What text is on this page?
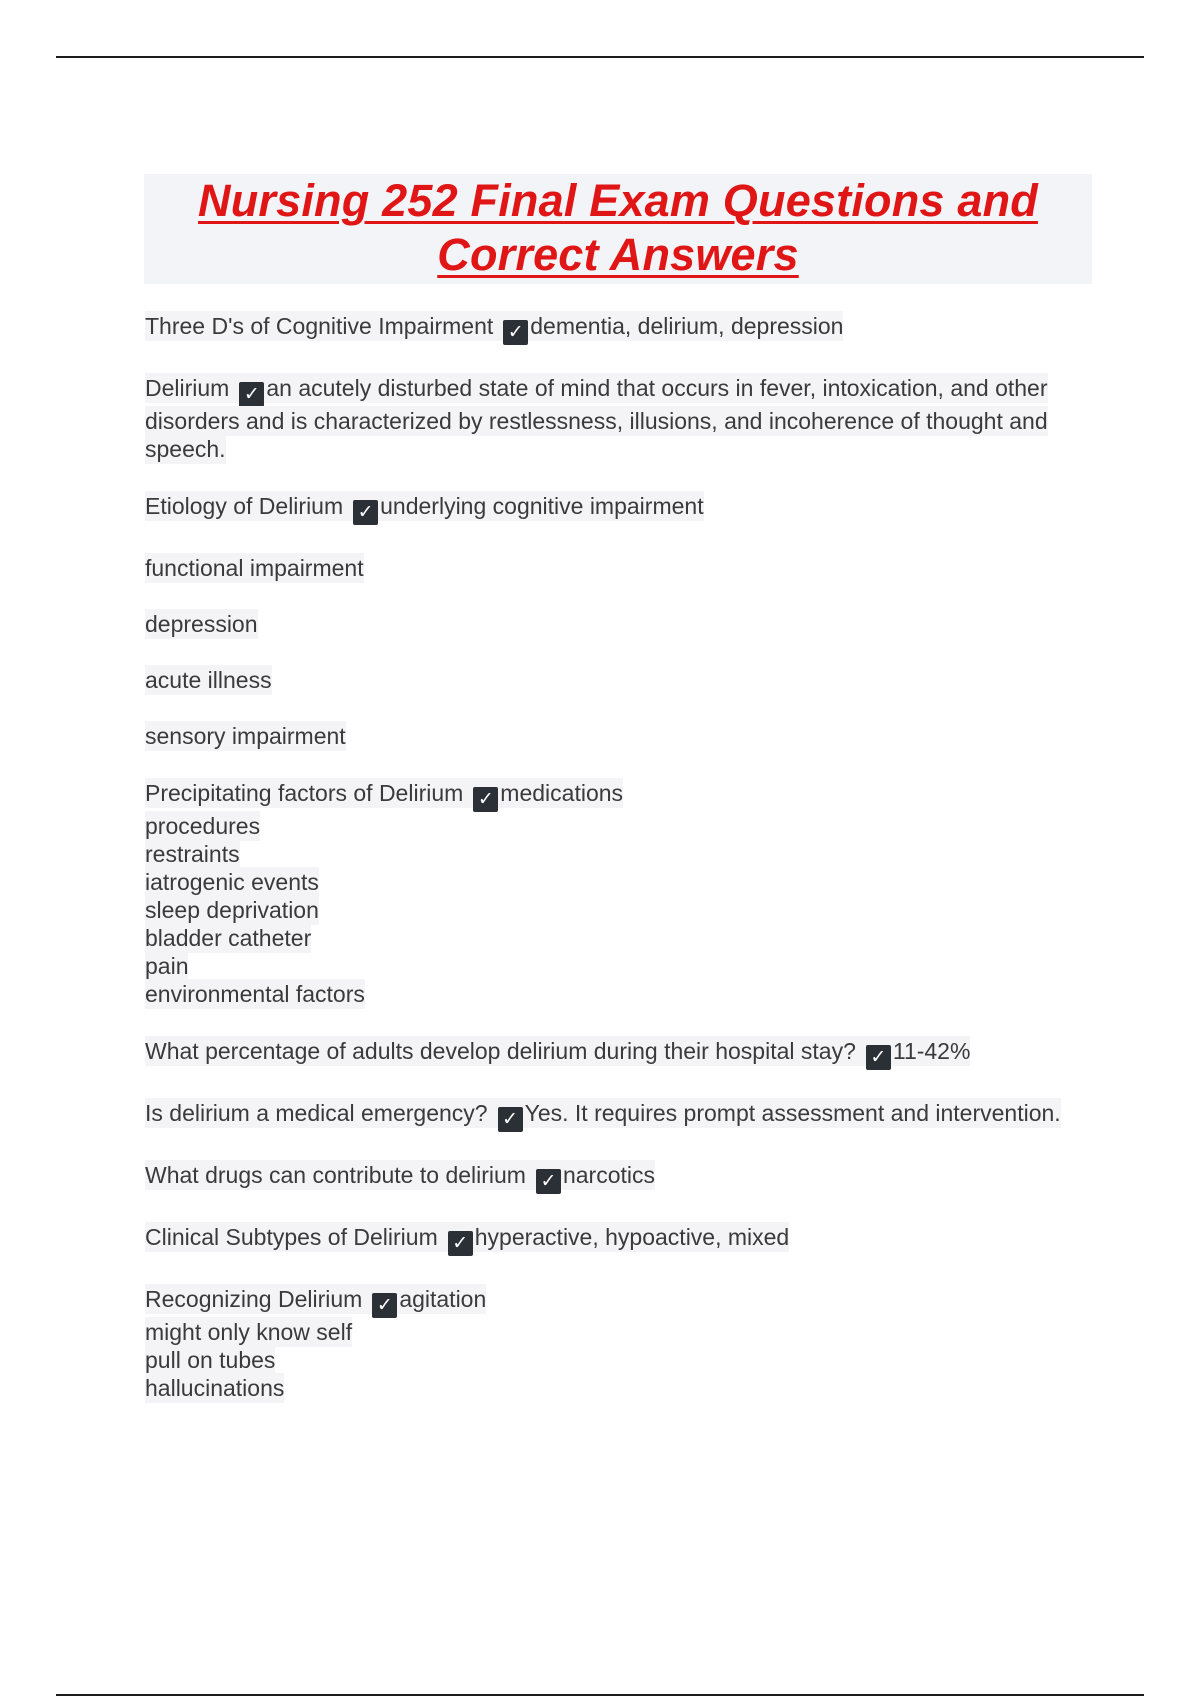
Nursing 252 Final Exam Questions and
Correct Answers
Three D's of Cognitive Impairment ✓ dementia, delirium, depression
Delirium ✓ an acutely disturbed state of mind that occurs in fever, intoxication, and other disorders and is characterized by restlessness, illusions, and incoherence of thought and speech.
Etiology of Delirium ✓ underlying cognitive impairment
functional impairment
depression
acute illness
sensory impairment
Precipitating factors of Delirium ✓ medications
procedures
restraints
iatrogenic events
sleep deprivation
bladder catheter
pain
environmental factors
What percentage of adults develop delirium during their hospital stay? ✓ 11-42%
Is delirium a medical emergency? ✓ Yes. It requires prompt assessment and intervention.
What drugs can contribute to delirium ✓ narcotics
Clinical Subtypes of Delirium ✓ hyperactive, hypoactive, mixed
Recognizing Delirium ✓ agitation
might only know self
pull on tubes
hallucinations
